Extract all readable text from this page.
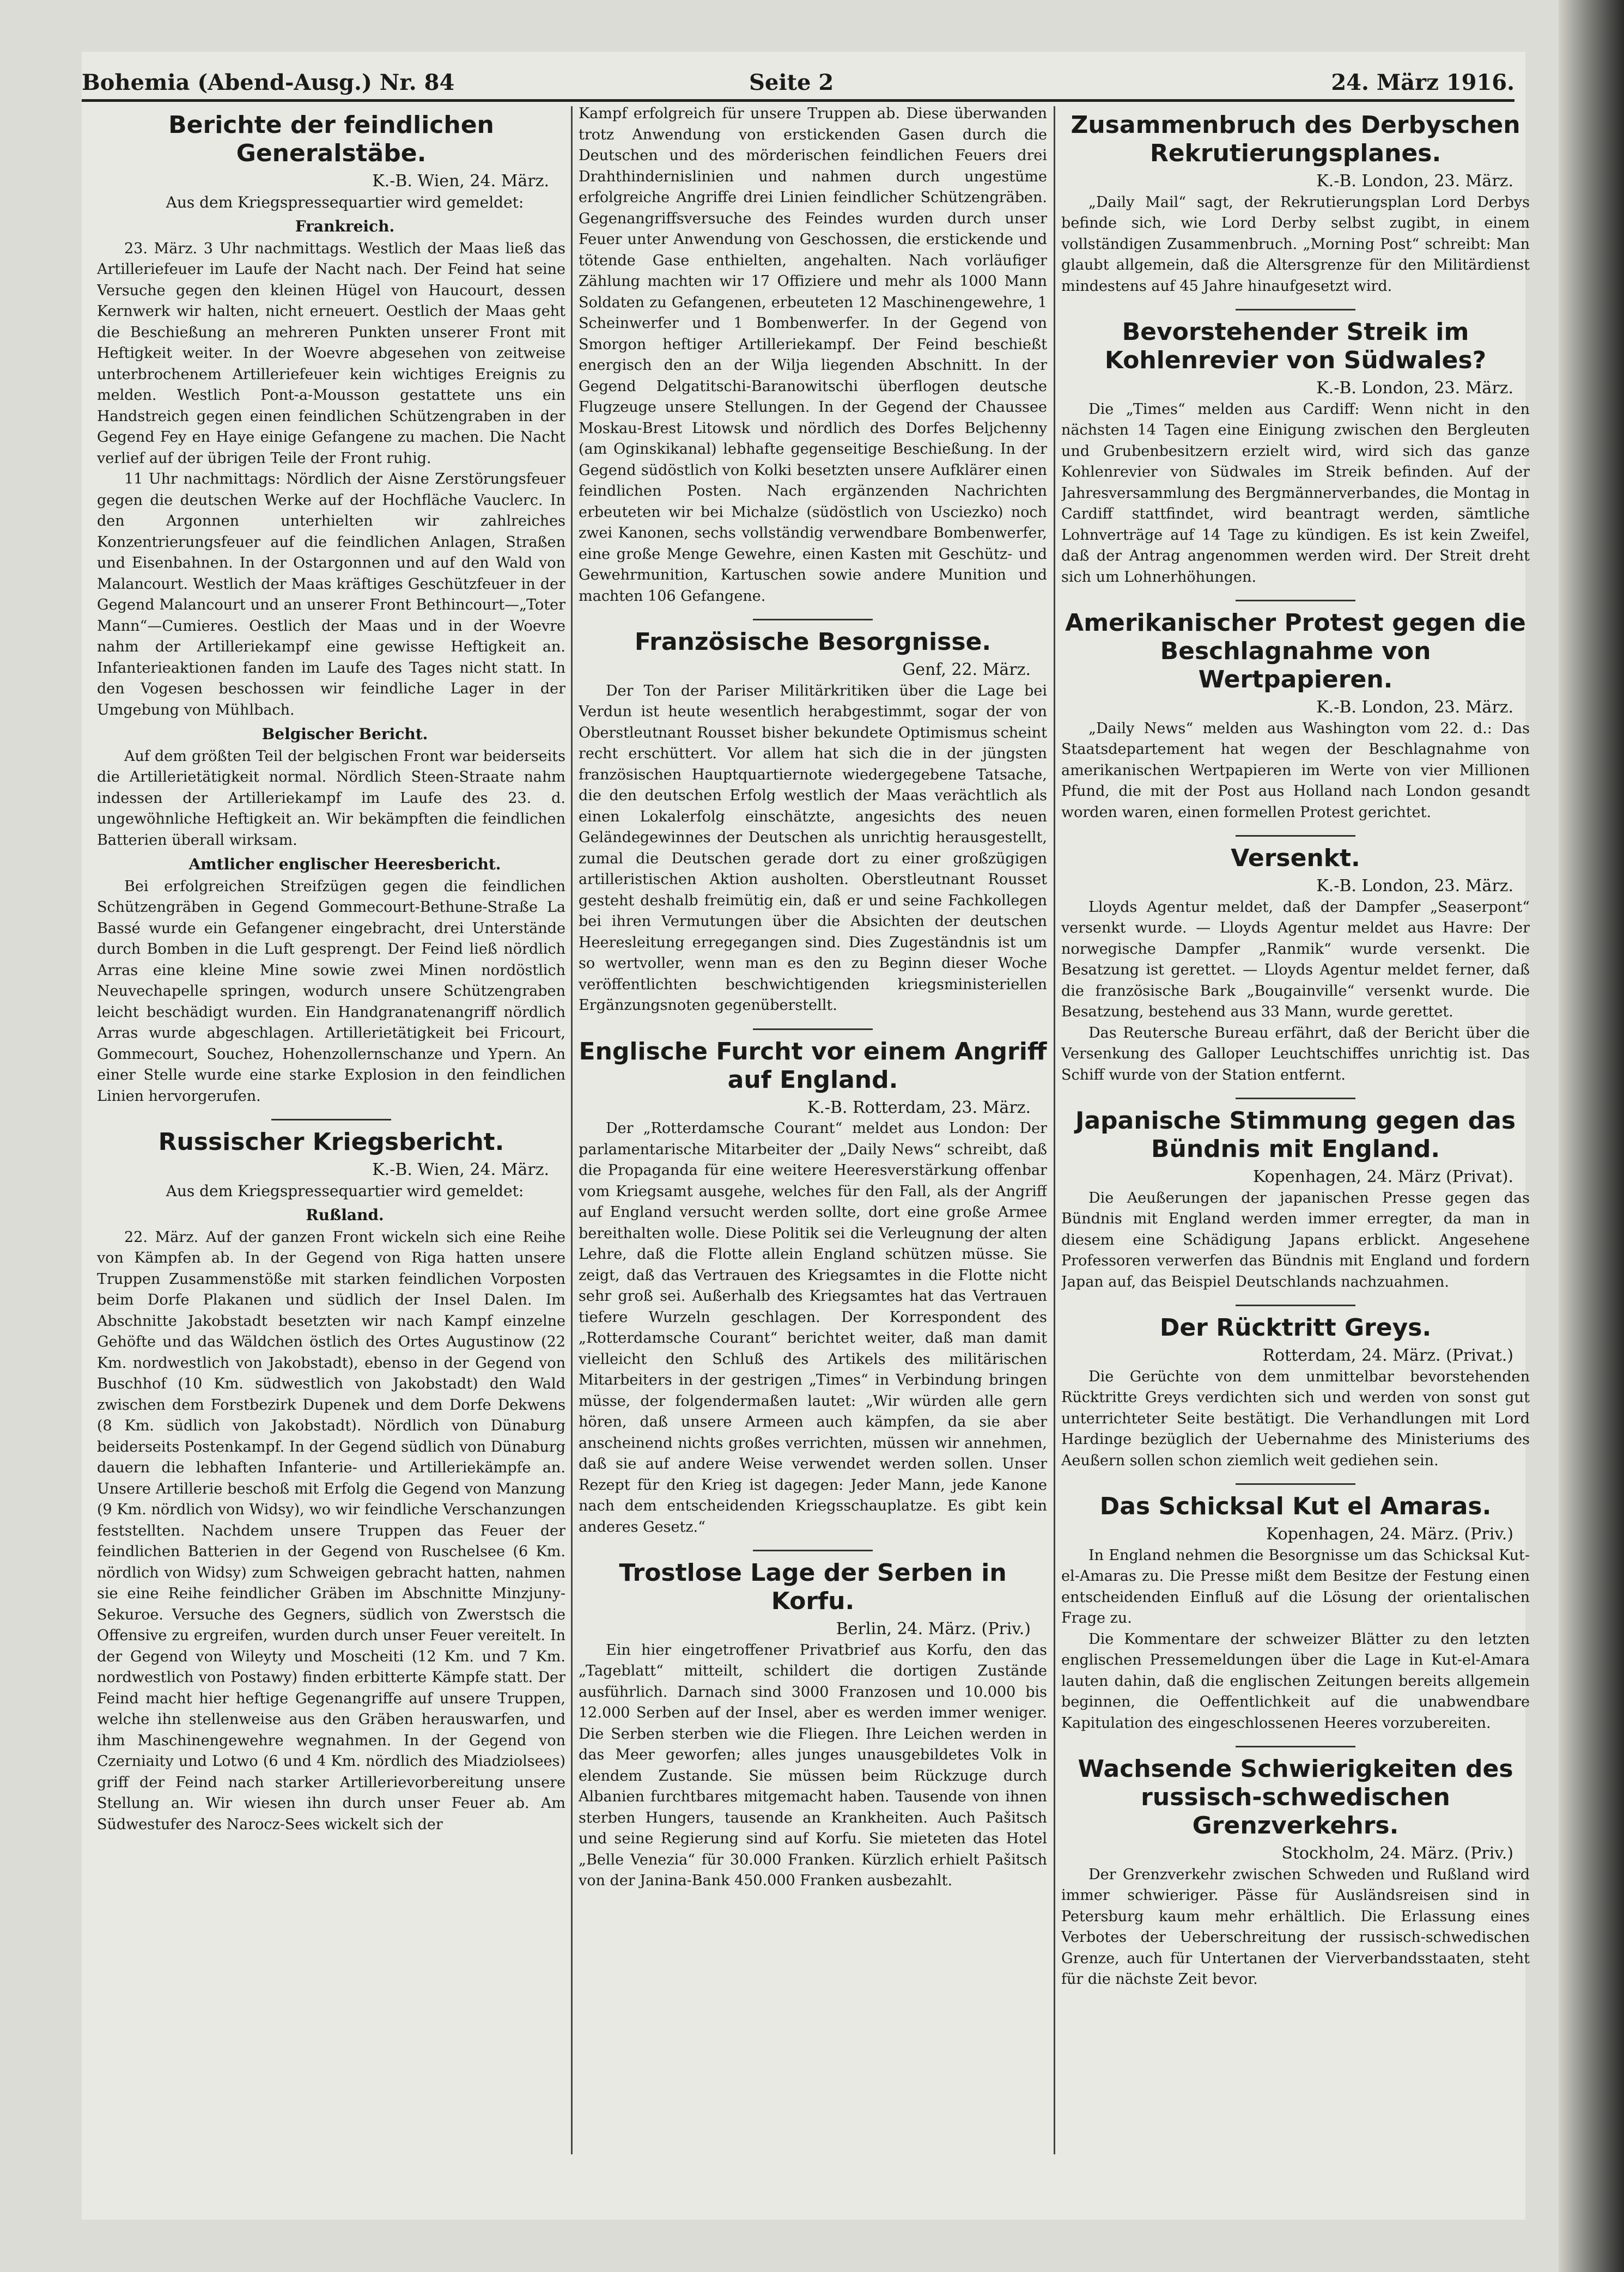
Bohemia (Abend-Ausg.) Nr. 84	Seite 2	24. März 1916.
Berichte der feindlichen Generalstäbe.

K.-B. Wien, 24. März.

Aus dem Kriegspressequartier wird gemeldet:

Frankreich.

23. März. 3 Uhr nachmittags. Westlich der Maas ließ das Artilleriefeuer im Laufe der Nacht nach. Der Feind hat seine Versuche gegen den kleinen Hügel von Haucourt, dessen Kernwerk wir halten, nicht erneuert. Oestlich der Maas geht die Beschießung an mehreren Punkten unserer Front mit Heftigkeit weiter. In der Woevre abgesehen von zeitweise unterbrochenem Artilleriefeuer kein wichtiges Ereignis zu melden. Westlich Pont-a-Mousson gestattete uns ein Handstreich gegen einen feindlichen Schützengraben in der Gegend Fey en Haye einige Gefangene zu machen. Die Nacht verlief auf der übrigen Teile der Front ruhig.

11 Uhr nachmittags: Nördlich der Aisne Zerstörungsfeuer gegen die deutschen Werke auf der Hochfläche Vauclerc. In den Argonnen unterhielten wir zahlreiches Konzentrierungsfeuer auf die feindlichen Anlagen, Straßen und Eisenbahnen. In der Ostargonnen und auf den Wald von Malancourt. Westlich der Maas kräftiges Geschützfeuer in der Gegend Malancourt und an unserer Front Bethincourt—„Toter Mann“—Cumieres. Oestlich der Maas und in der Woevre nahm der Artilleriekampf eine gewisse Heftigkeit an. Infanterieaktionen fanden im Laufe des Tages nicht statt. In den Vogesen beschossen wir feindliche Lager in der Umgebung von Mühlbach.

Belgischer Bericht.

Auf dem größten Teil der belgischen Front war beiderseits die Artillerietätigkeit normal. Nördlich Steen-Straate nahm indessen der Artilleriekampf im Laufe des 23. d. ungewöhnliche Heftigkeit an. Wir bekämpften die feindlichen Batterien überall wirksam.

Amtlicher englischer Heeresbericht.

Bei erfolgreichen Streifzügen gegen die feindlichen Schützengräben in Gegend Gommecourt-Bethune-Straße La Bassé wurde ein Gefangener eingebracht, drei Unterstände durch Bomben in die Luft gesprengt. Der Feind ließ nördlich Arras eine kleine Mine sowie zwei Minen nordöstlich Neuvechapelle springen, wodurch unsere Schützengraben leicht beschädigt wurden. Ein Handgranatenangriff nördlich Arras wurde abgeschlagen. Artillerietätigkeit bei Fricourt, Gommecourt, Souchez, Hohenzollernschanze und Ypern. An einer Stelle wurde eine starke Explosion in den feindlichen Linien hervorgerufen.

Russischer Kriegsbericht.

K.-B. Wien, 24. März.

Aus dem Kriegspressequartier wird gemeldet:

Rußland.

22. März. Auf der ganzen Front wickeln sich eine Reihe von Kämpfen ab. In der Gegend von Riga hatten unsere Truppen Zusammenstöße mit starken feindlichen Vorposten beim Dorfe Plakanen und südlich der Insel Dalen. Im Abschnitte Jakobstadt besetzten wir nach Kampf einzelne Gehöfte und das Wäldchen östlich des Ortes Augustinow (22 Km. nordwestlich von Jakobstadt), ebenso in der Gegend von Buschhof (10 Km. südwestlich von Jakobstadt) den Wald zwischen dem Forstbezirk Dupenek und dem Dorfe Dekwens (8 Km. südlich von Jakobstadt). Nördlich von Dünaburg beiderseits Postenkampf. In der Gegend südlich von Dünaburg dauern die lebhaften Infanterie- und Artilleriekämpfe an. Unsere Artillerie beschoß mit Erfolg die Gegend von Manzung (9 Km. nördlich von Widsy), wo wir feindliche Verschanzungen feststellten. Nachdem unsere Truppen das Feuer der feindlichen Batterien in der Gegend von Ruschelsee (6 Km. nördlich von Widsy) zum Schweigen gebracht hatten, nahmen sie eine Reihe feindlicher Gräben im Abschnitte Minzjuny-Sekuroe. Versuche des Gegners, südlich von Zwerstsch die Offensive zu ergreifen, wurden durch unser Feuer vereitelt. In der Gegend von Wileyty und Moscheiti (12 Km. und 7 Km. nordwestlich von Postawy) finden erbitterte Kämpfe statt. Der Feind macht hier heftige Gegenangriffe auf unsere Truppen, welche ihn stellenweise aus den Gräben herauswarfen, und ihm Maschinengewehre wegnahmen. In der Gegend von Czerniaity und Lotwo (6 und 4 Km. nördlich des Miadziolsees) griff der Feind nach starker Artillerievorbereitung unsere Stellung an. Wir wiesen ihn durch unser Feuer ab. Am Südwestufer des Narocz-Sees wickelt sich der

Kampf erfolgreich für unsere Truppen ab. Diese überwanden trotz Anwendung von erstickenden Gasen durch die Deutschen und des mörderischen feindlichen Feuers drei Drahthindernislinien und nahmen durch ungestüme erfolgreiche Angriffe drei Linien feindlicher Schützengräben. Gegenangriffsversuche des Feindes wurden durch unser Feuer unter Anwendung von Geschossen, die erstickende und tötende Gase enthielten, angehalten. Nach vorläufiger Zählung machten wir 17 Offiziere und mehr als 1000 Mann Soldaten zu Gefangenen, erbeuteten 12 Maschinengewehre, 1 Scheinwerfer und 1 Bombenwerfer. In der Gegend von Smorgon heftiger Artilleriekampf. Der Feind beschießt energisch den an der Wilja liegenden Abschnitt. In der Gegend Delgatitschi-Baranowitschi überflogen deutsche Flugzeuge unsere Stellungen. In der Gegend der Chaussee Moskau-Brest Litowsk und nördlich des Dorfes Beljchenny (am Oginskikanal) lebhafte gegenseitige Beschießung. In der Gegend südöstlich von Kolki besetzten unsere Aufklärer einen feindlichen Posten. Nach ergänzenden Nachrichten erbeuteten wir bei Michalze (südöstlich von Usciezko) noch zwei Kanonen, sechs vollständig verwendbare Bombenwerfer, eine große Menge Gewehre, einen Kasten mit Geschütz- und Gewehrmunition, Kartuschen sowie andere Munition und machten 106 Gefangene.

Französische Besorgnisse.

Genf, 22. März.

Der Ton der Pariser Militärkritiken über die Lage bei Verdun ist heute wesentlich herabgestimmt, sogar der von Oberstleutnant Rousset bisher bekundete Optimismus scheint recht erschüttert. Vor allem hat sich die in der jüngsten französischen Hauptquartiernote wiedergegebene Tatsache, die den deutschen Erfolg westlich der Maas verächtlich als einen Lokalerfolg einschätzte, angesichts des neuen Geländegewinnes der Deutschen als unrichtig herausgestellt, zumal die Deutschen gerade dort zu einer großzügigen artilleristischen Aktion ausholten. Oberstleutnant Rousset gesteht deshalb freimütig ein, daß er und seine Fachkollegen bei ihren Vermutungen über die Absichten der deutschen Heeresleitung erregegangen sind. Dies Zugeständnis ist um so wertvoller, wenn man es den zu Beginn dieser Woche veröffentlichten beschwichtigenden kriegsministeriellen Ergänzungsnoten gegenüberstellt.

Englische Furcht vor einem Angriff auf England.

K.-B. Rotterdam, 23. März.

Der „Rotterdamsche Courant“ meldet aus London: Der parlamentarische Mitarbeiter der „Daily News“ schreibt, daß die Propaganda für eine weitere Heeresverstärkung offenbar vom Kriegsamt ausgehe, welches für den Fall, als der Angriff auf England versucht werden sollte, dort eine große Armee bereithalten wolle. Diese Politik sei die Verleugnung der alten Lehre, daß die Flotte allein England schützen müsse. Sie zeigt, daß das Vertrauen des Kriegsamtes in die Flotte nicht sehr groß sei. Außerhalb des Kriegsamtes hat das Vertrauen tiefere Wurzeln geschlagen. Der Korrespondent des „Rotterdamsche Courant“ berichtet weiter, daß man damit vielleicht den Schluß des Artikels des militärischen Mitarbeiters in der gestrigen „Times“ in Verbindung bringen müsse, der folgendermaßen lautet: „Wir würden alle gern hören, daß unsere Armeen auch kämpfen, da sie aber anscheinend nichts großes verrichten, müssen wir annehmen, daß sie auf andere Weise verwendet werden sollen. Unser Rezept für den Krieg ist dagegen: Jeder Mann, jede Kanone nach dem entscheidenden Kriegsschauplatze. Es gibt kein anderes Gesetz.“

Trostlose Lage der Serben in Korfu.

Berlin, 24. März. (Priv.)

Ein hier eingetroffener Privatbrief aus Korfu, den das „Tageblatt“ mitteilt, schildert die dortigen Zustände ausführlich. Darnach sind 3000 Franzosen und 10.000 bis 12.000 Serben auf der Insel, aber es werden immer weniger. Die Serben sterben wie die Fliegen. Ihre Leichen werden in das Meer geworfen; alles junges unausgebildetes Volk in elendem Zustande. Sie müssen beim Rückzuge durch Albanien furchtbares mitgemacht haben. Tausende von ihnen sterben Hungers, tausende an Krankheiten. Auch Pašitsch und seine Regierung sind auf Korfu. Sie mieteten das Hotel „Belle Venezia“ für 30.000 Franken. Kürzlich erhielt Pašitsch von der Janina-Bank 450.000 Franken ausbezahlt.

Zusammenbruch des Derbyschen Rekrutierungsplanes.

K.-B. London, 23. März.

„Daily Mail“ sagt, der Rekrutierungsplan Lord Derbys befinde sich, wie Lord Derby selbst zugibt, in einem vollständigen Zusammenbruch. „Morning Post“ schreibt: Man glaubt allgemein, daß die Altersgrenze für den Militärdienst mindestens auf 45 Jahre hinaufgesetzt wird.

Bevorstehender Streik im Kohlenrevier von Südwales?

K.-B. London, 23. März.

Die „Times“ melden aus Cardiff: Wenn nicht in den nächsten 14 Tagen eine Einigung zwischen den Bergleuten und Grubenbesitzern erzielt wird, wird sich das ganze Kohlenrevier von Südwales im Streik befinden. Auf der Jahresversammlung des Bergmännerverbandes, die Montag in Cardiff stattfindet, wird beantragt werden, sämtliche Lohnverträge auf 14 Tage zu kündigen. Es ist kein Zweifel, daß der Antrag angenommen werden wird. Der Streit dreht sich um Lohnerhöhungen.

Amerikanischer Protest gegen die Beschlagnahme von Wertpapieren.

K.-B. London, 23. März.

„Daily News“ melden aus Washington vom 22. d.: Das Staatsdepartement hat wegen der Beschlagnahme von amerikanischen Wertpapieren im Werte von vier Millionen Pfund, die mit der Post aus Holland nach London gesandt worden waren, einen formellen Protest gerichtet.

Versenkt.

K.-B. London, 23. März.

Lloyds Agentur meldet, daß der Dampfer „Seaserpont“ versenkt wurde. — Lloyds Agentur meldet aus Havre: Der norwegische Dampfer „Ranmik“ wurde versenkt. Die Besatzung ist gerettet. — Lloyds Agentur meldet ferner, daß die französische Bark „Bougainville“ versenkt wurde. Die Besatzung, bestehend aus 33 Mann, wurde gerettet.

Das Reutersche Bureau erfährt, daß der Bericht über die Versenkung des Galloper Leuchtschiffes unrichtig ist. Das Schiff wurde von der Station entfernt.

Japanische Stimmung gegen das Bündnis mit England.

Kopenhagen, 24. März (Privat).

Die Aeußerungen der japanischen Presse gegen das Bündnis mit England werden immer erregter, da man in diesem eine Schädigung Japans erblickt. Angesehene Professoren verwerfen das Bündnis mit England und fordern Japan auf, das Beispiel Deutschlands nachzuahmen.

Der Rücktritt Greys.

Rotterdam, 24. März. (Privat.)

Die Gerüchte von dem unmittelbar bevorstehenden Rücktritte Greys verdichten sich und werden von sonst gut unterrichteter Seite bestätigt. Die Verhandlungen mit Lord Hardinge bezüglich der Uebernahme des Ministeriums des Aeußern sollen schon ziemlich weit gediehen sein.

Das Schicksal Kut el Amaras.

Kopenhagen, 24. März. (Priv.)

In England nehmen die Besorgnisse um das Schicksal Kut-el-Amaras zu. Die Presse mißt dem Besitze der Festung einen entscheidenden Einfluß auf die Lösung der orientalischen Frage zu.

Die Kommentare der schweizer Blätter zu den letzten englischen Pressemeldungen über die Lage in Kut-el-Amara lauten dahin, daß die englischen Zeitungen bereits allgemein beginnen, die Oeffentlichkeit auf die unabwendbare Kapitulation des eingeschlossenen Heeres vorzubereiten.

Wachsende Schwierigkeiten des russisch-schwedischen Grenzverkehrs.

Stockholm, 24. März. (Priv.)

Der Grenzverkehr zwischen Schweden und Rußland wird immer schwieriger. Pässe für Ausländsreisen sind in Petersburg kaum mehr erhältlich. Die Erlassung eines Verbotes der Ueberschreitung der russisch-schwedischen Grenze, auch für Untertanen der Vierverbandsstaaten, steht für die nächste Zeit bevor.
